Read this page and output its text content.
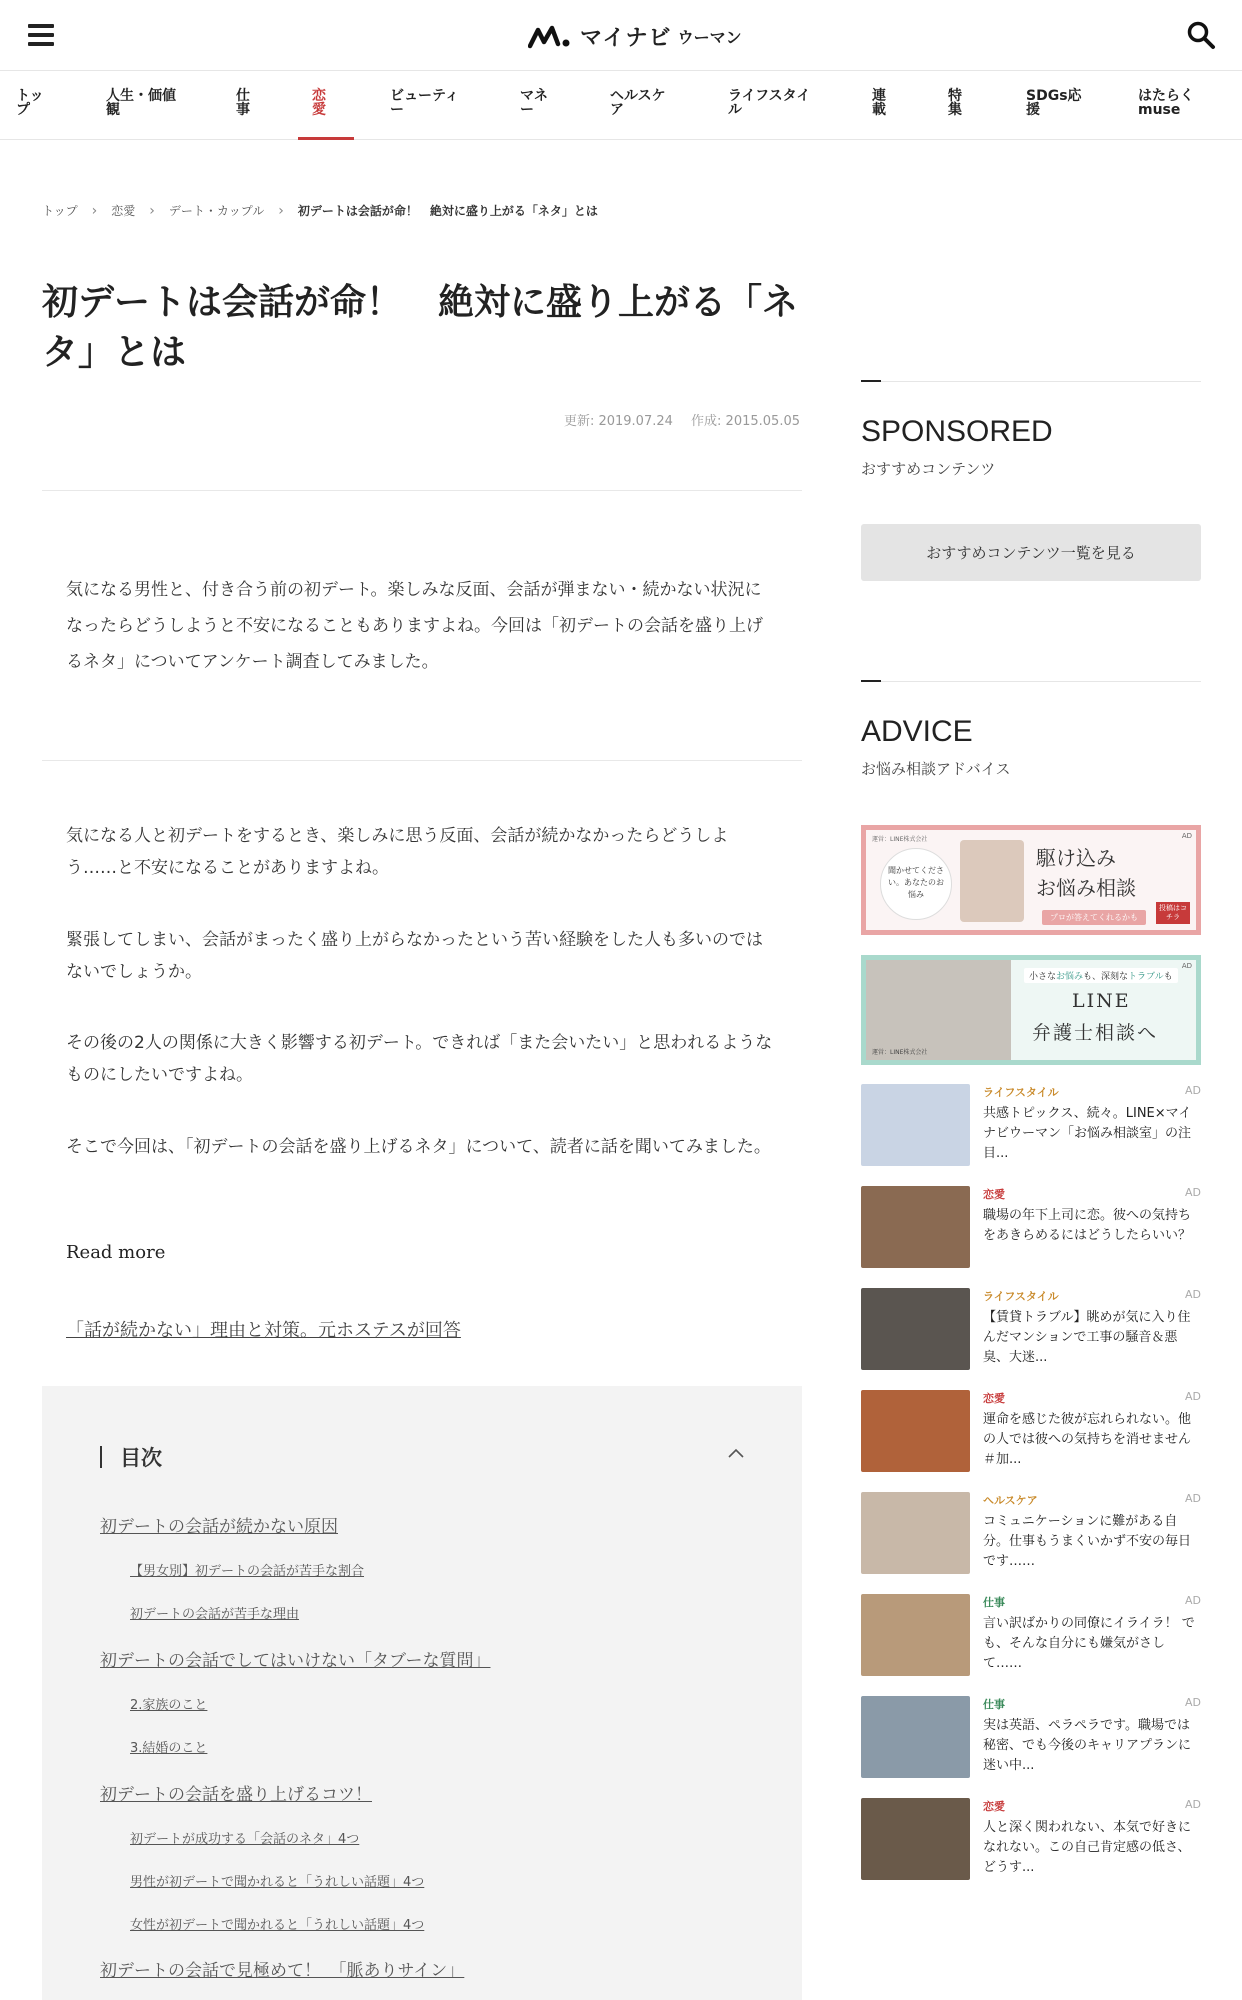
マイナビ ウーマン
トップ
人生・価値観
仕事
恋愛
ビューティー
マネー
ヘルスケア
ライフスタイル
連載
特集
SDGs応援
はたらくmuse
トップ › 恋愛 › デート・カップル › 初デートは会話が命！　絶対に盛り上がる「ネタ」とは
初デートは会話が命！　絶対に盛り上がる「ネタ」とは
更新: 2019.07.24 作成: 2015.05.05

気になる男性と、付き合う前の初デート。楽しみな反面、会話が弾まない・続かない状況になったらどうしようと不安になることもありますよね。今回は「初デートの会話を盛り上げるネタ」についてアンケート調査してみました。

気になる人と初デートをするとき、楽しみに思う反面、会話が続かなかったらどうしよう……と不安になることがありますよね。

緊張してしまい、会話がまったく盛り上がらなかったという苦い経験をした人も多いのではないでしょうか。

その後の2人の関係に大きく影響する初デート。できれば「また会いたい」と思われるようなものにしたいですよね。

そこで今回は、「初デートの会話を盛り上げるネタ」について、読者に話を聞いてみました。

Read more
「話が続かない」理由と対策。元ホステスが回答
目次
初デートの会話が続かない原因
【男女別】初デートの会話が苦手な割合
初デートの会話が苦手な理由
初デートの会話でしてはいけない「タブーな質問」
2.家族のこと
3.結婚のこと
初デートの会話を盛り上げるコツ！
初デートが成功する「会話のネタ」4つ
男性が初デートで聞かれると「うれしい話題」4つ
女性が初デートで聞かれると「うれしい話題」4つ
初デートの会話で見極めて！　「脈ありサイン」
SPONSORED
おすすめコンテンツ
おすすめコンテンツ一覧を見る
ADVICE
お悩み相談アドバイス
運営：LINE株式会社	AD
聞かせてください。あなたのお悩み
駆け込み
お悩み相談
プロが答えてくれるかも
投稿はコチラ
AD
運営：LINE株式会社
小さなお悩みも、深刻なトラブルも
LINE
弁護士相談へ
ライフスタイル	AD
共感トピックス、続々。LINE×マイナビウーマン「お悩み相談室」の注目...
恋愛	AD
職場の年下上司に恋。彼への気持ちをあきらめるにはどうしたらいい？
ライフスタイル	AD
【賃貸トラブル】眺めが気に入り住んだマンションで工事の騒音＆悪臭、大迷...
恋愛	AD
運命を感じた彼が忘れられない。他の人では彼への気持ちを消せません＃加...
ヘルスケア	AD
コミュニケーションに難がある自分。仕事もうまくいかず不安の毎日です……
仕事	AD
言い訳ばかりの同僚にイライラ！ でも、そんな自分にも嫌気がさして……
仕事	AD
実は英語、ペラペラです。職場では秘密、でも今後のキャリアプランに迷い中...
恋愛	AD
人と深く関われない、本気で好きになれない。この自己肯定感の低さ、どうす...
